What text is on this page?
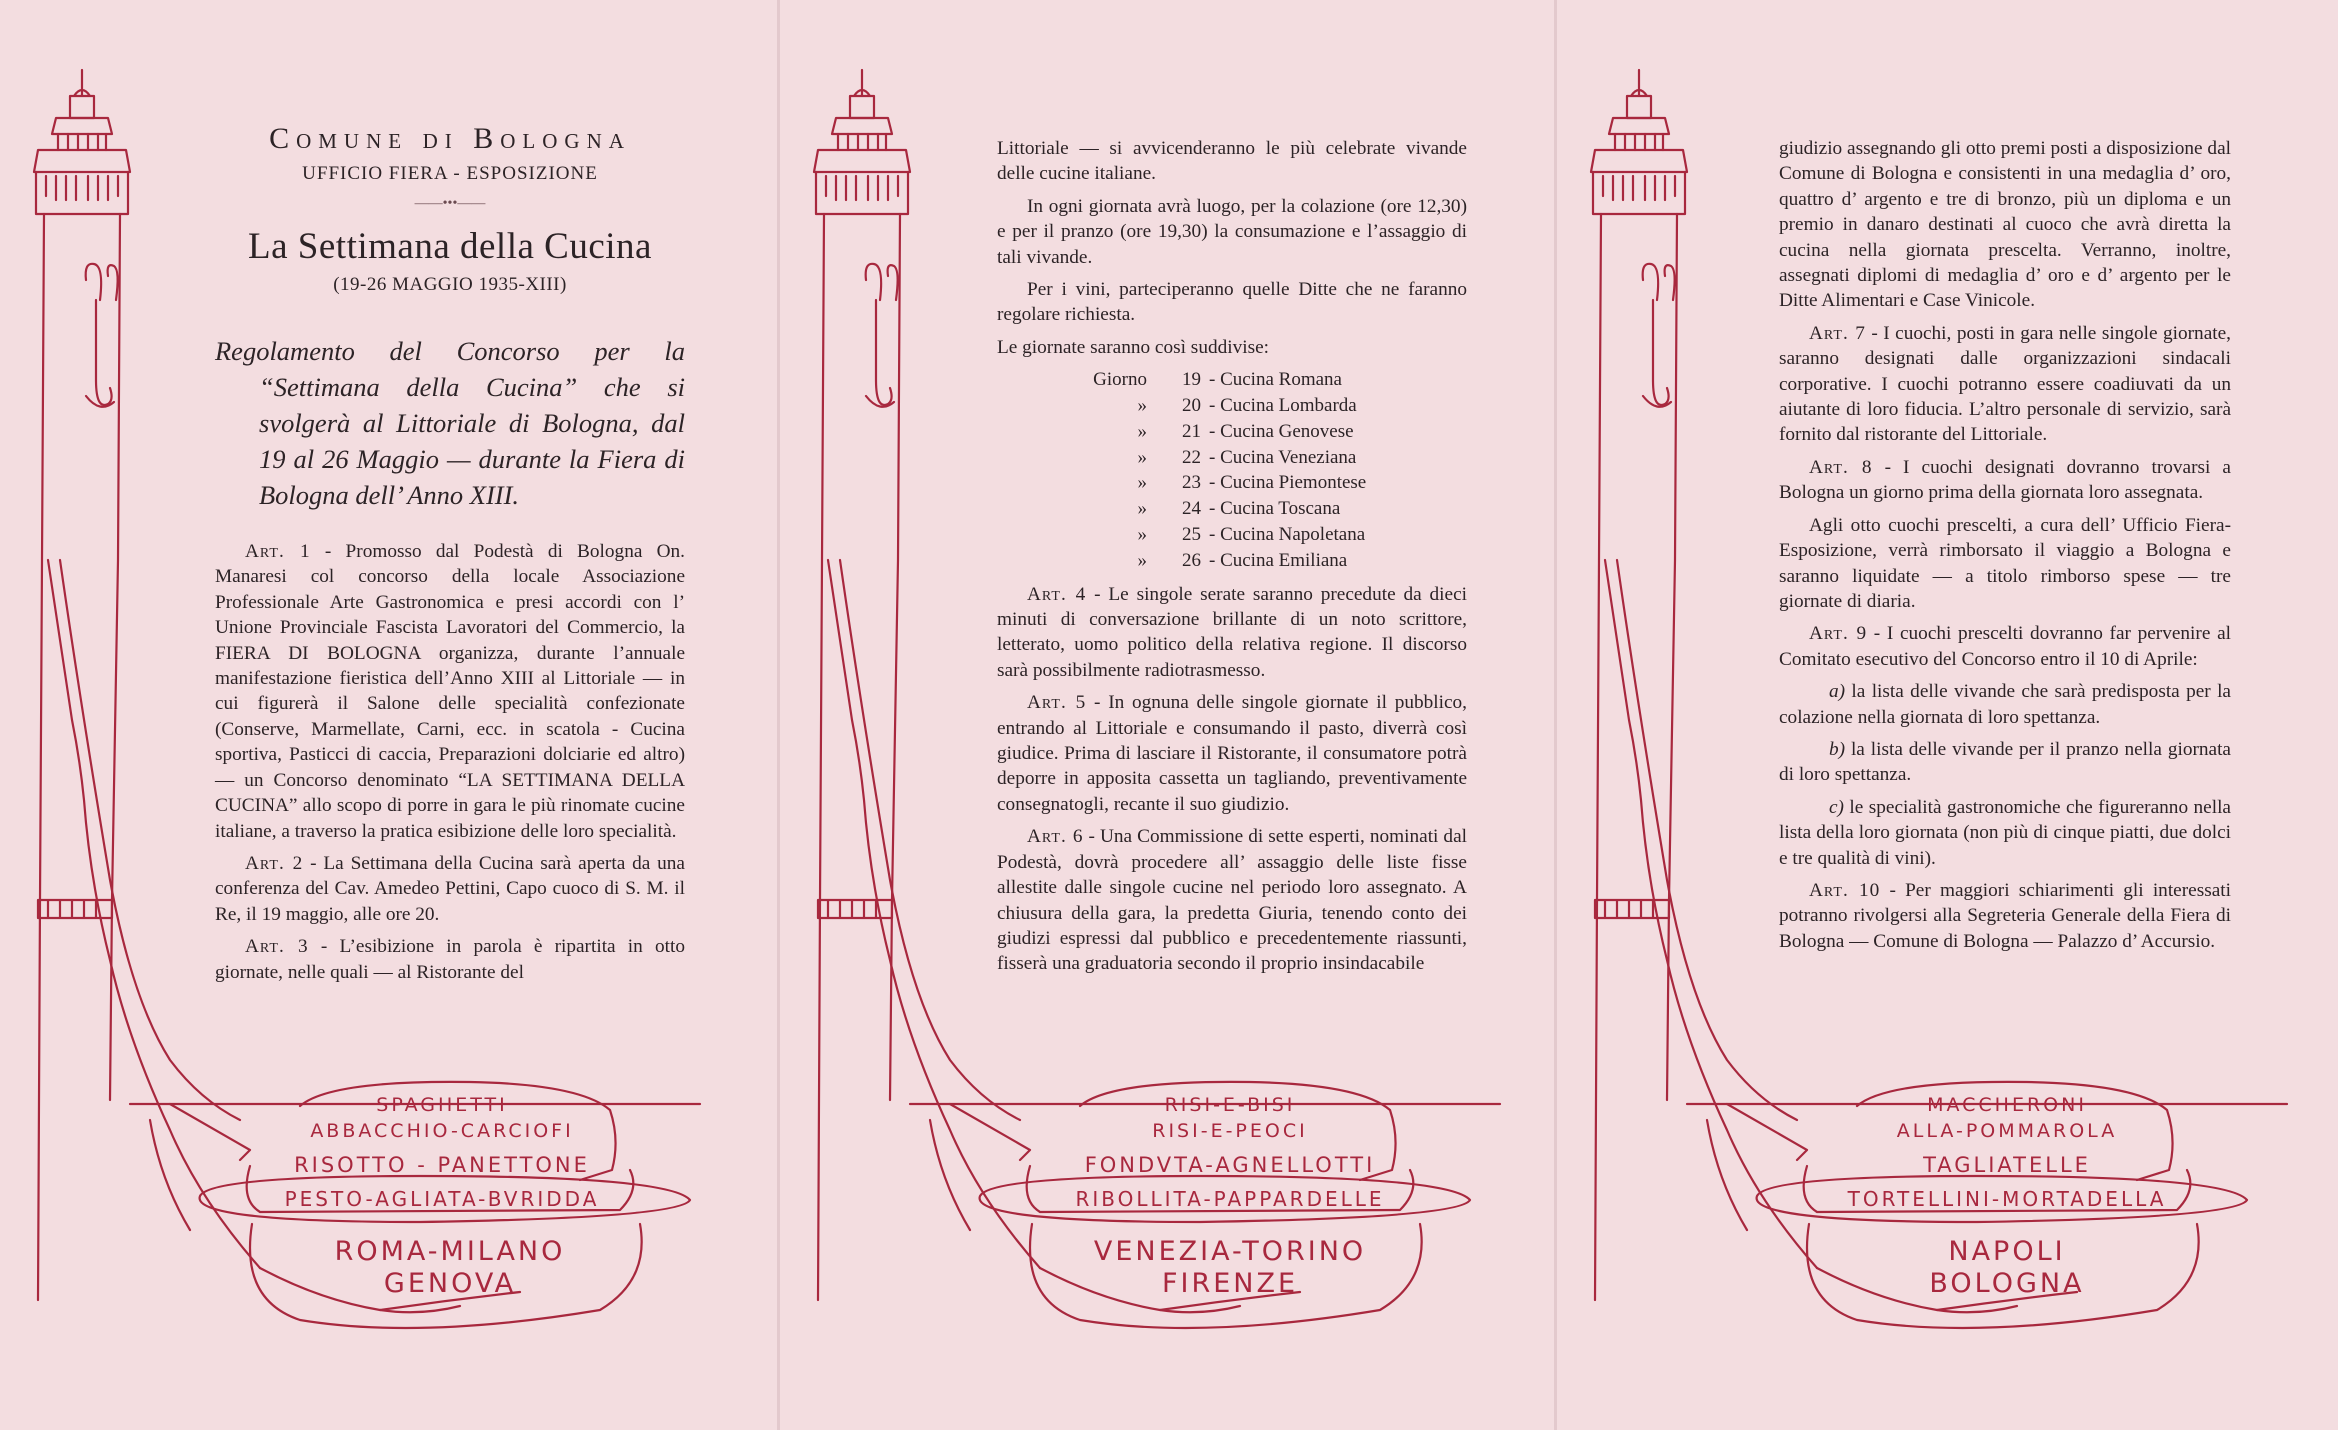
Comune di Bologna
UFFICIO FIERA - ESPOSIZIONE
——•••——
La Settimana della Cucina
(19-26 MAGGIO 1935-XIII)
Regolamento del Concorso per la “Settimana della Cucina” che si svolgerà al Littoriale di Bologna, dal 19 al 26 Maggio — durante la Fiera di Bologna dell’ Anno XIII.

Art. 1 - Promosso dal Podestà di Bologna On. Manaresi col concorso della locale Associazione Professionale Arte Gastronomica e presi accordi con l’ Unione Provinciale Fascista Lavoratori del Commercio, la FIERA DI BOLOGNA organizza, durante l’annuale manifestazione fieristica dell’Anno XIII al Littoriale — in cui figurerà il Salone delle specialità confezionate (Conserve, Marmellate, Carni, ecc. in scatola - Cucina sportiva, Pasticci di caccia, Preparazioni dolciarie ed altro) — un Concorso denominato “LA SETTIMANA DELLA CUCINA” allo scopo di porre in gara le più rinomate cucine italiane, a traverso la pratica esibizione delle loro specialità.

Art. 2 - La Settimana della Cucina sarà aperta da una conferenza del Cav. Amedeo Pettini, Capo cuoco di S. M. il Re, il 19 maggio, alle ore 20.

Art. 3 - L’esibizione in parola è ripartita in otto giornate, nelle quali — al Ristorante del

SPAGHETTI
ABBACCHIO-CARCIOFI
RISOTTO - PANETTONE
PESTO-AGLIATA-BVRIDDA
ROMA-MILANO
GENOVA

Littoriale — si avvicenderanno le più celebrate vivande delle cucine italiane.

In ogni giornata avrà luogo, per la colazione (ore 12,30) e per il pranzo (ore 19,30) la consumazione e l’assaggio di tali vivande.

Per i vini, parteciperanno quelle Ditte che ne faranno regolare richiesta.

Le giornate saranno così suddivise:

Giorno	19 - Cucina Romana
»	20 - Cucina Lombarda
»	21 - Cucina Genovese
»	22 - Cucina Veneziana
»	23 - Cucina Piemontese
»	24 - Cucina Toscana
»	25 - Cucina Napoletana
»	26 - Cucina Emiliana

Art. 4 - Le singole serate saranno precedute da dieci minuti di conversazione brillante di un noto scrittore, letterato, uomo politico della relativa regione. Il discorso sarà possibilmente radiotrasmesso.

Art. 5 - In ognuna delle singole giornate il pubblico, entrando al Littoriale e consumando il pasto, diverrà così giudice. Prima di lasciare il Ristorante, il consumatore potrà deporre in apposita cassetta un tagliando, preventivamente consegnatogli, recante il suo giudizio.

Art. 6 - Una Commissione di sette esperti, nominati dal Podestà, dovrà procedere all’ assaggio delle liste fisse allestite dalle singole cucine nel periodo loro assegnato. A chiusura della gara, la predetta Giuria, tenendo conto dei giudizi espressi dal pubblico e precedentemente riassunti, fisserà una graduatoria secondo il proprio insindacabile

RISI-E-BISI
RISI-E-PEOCI
FONDVTA-AGNELLOTTI
RIBOLLITA-PAPPARDELLE
VENEZIA-TORINO
FIRENZE

giudizio assegnando gli otto premi posti a disposizione dal Comune di Bologna e consistenti in una medaglia d’ oro, quattro d’ argento e tre di bronzo, più un diploma e un premio in danaro destinati al cuoco che avrà diretta la cucina nella giornata prescelta. Verranno, inoltre, assegnati diplomi di medaglia d’ oro e d’ argento per le Ditte Alimentari e Case Vinicole.

Art. 7 - I cuochi, posti in gara nelle singole giornate, saranno designati dalle organizzazioni sindacali corporative. I cuochi potranno essere coadiuvati da un aiutante di loro fiducia. L’altro personale di servizio, sarà fornito dal ristorante del Littoriale.

Art. 8 - I cuochi designati dovranno trovarsi a Bologna un giorno prima della giornata loro assegnata.

Agli otto cuochi prescelti, a cura dell’ Ufficio Fiera-Esposizione, verrà rimborsato il viaggio a Bologna e saranno liquidate — a titolo rimborso spese — tre giornate di diaria.

Art. 9 - I cuochi prescelti dovranno far pervenire al Comitato esecutivo del Concorso entro il 10 di Aprile:

a) la lista delle vivande che sarà predisposta per la colazione nella giornata di loro spettanza.

b) la lista delle vivande per il pranzo nella giornata di loro spettanza.

c) le specialità gastronomiche che figureranno nella lista della loro giornata (non più di cinque piatti, due dolci e tre qualità di vini).

Art. 10 - Per maggiori schiarimenti gli interessati potranno rivolgersi alla Segreteria Generale della Fiera di Bologna — Comune di Bologna — Palazzo d’ Accursio.

MACCHERONI
ALLA-POMMAROLA
TAGLIATELLE
TORTELLINI-MORTADELLA
NAPOLI
BOLOGNA
